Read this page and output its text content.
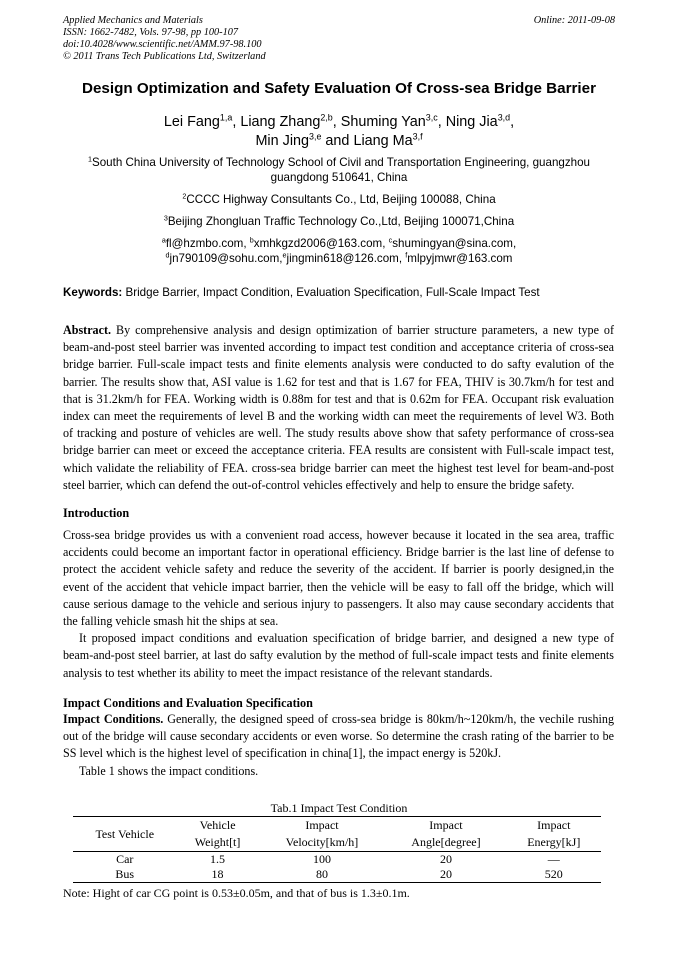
Applied Mechanics and Materials
ISSN: 1662-7482, Vols. 97-98, pp 100-107
doi:10.4028/www.scientific.net/AMM.97-98.100
© 2011 Trans Tech Publications Ltd, Switzerland
Online: 2011-09-08
Design Optimization and Safety Evaluation Of Cross-sea Bridge Barrier
Lei Fang$^{1,a}$, Liang Zhang$^{2,b}$, Shuming Yan$^{3,c}$, Ning Jia$^{3,d}$,
Min Jing$^{3,e}$ and Liang Ma$^{3,f}$
$^1$South China University of Technology School of Civil and Transportation Engineering, guangzhou guangdong 510641, China
$^2$CCCC Highway Consultants Co., Ltd, Beijing 100088, China
$^3$Beijing Zhongluan Traffic Technology Co.,Ltd, Beijing 100071,China
$^a$fl@hzmbo.com, $^b$xmhkgzd2006@163.com, $^c$shumingyan@sina.com,
$^d$jn790109@sohu.com,$^e$jingmin618@126.com, $^f$mlpyjmwr@163.com
Keywords: Bridge Barrier, Impact Condition, Evaluation Specification, Full-Scale Impact Test

Abstract. By comprehensive analysis and design optimization of barrier structure parameters, a new type of beam-and-post steel barrier was invented according to impact test condition and acceptance criteria of cross-sea bridge barrier. Full-scale impact tests and finite elements analysis were conducted to do safty evalution of the barrier. The results show that, ASI value is 1.62 for test and that is 1.67 for FEA, THIV is 30.7km/h for test and that is 31.2km/h for FEA. Working width is 0.88m for test and that is 0.62m for FEA. Occupant risk evaluation index can meet the requirements of level B and the working width can meet the requirements of level W3. Both of tracking and posture of vehicles are well. The study results above show that safety performance of cross-sea bridge barrier can meet or exceed the acceptance criteria. FEA results are consistent with Full-scale impact test, which validate the reliability of FEA. cross-sea bridge barrier can meet the highest test level for beam-and-post steel barrier, which can defend the out-of-control vehicles effectively and help to ensure the bridge safety.

Introduction

Cross-sea bridge provides us with a convenient road access, however because it located in the sea area, traffic accidents could become an important factor in operational efficiency. Bridge barrier is the last line of defense to protect the accident vehicle safety and reduce the severity of the accident. If barrier is poorly designed,in the event of the accident that vehicle impact barrier, then the vehicle will be easy to fall off the bridge, which will cause serious damage to the vehicle and serious injury to passengers. It also may cause secondary accidents that the falling vehicle smash hit the ships at sea.

It proposed impact conditions and evaluation specification of bridge barrier, and designed a new type of beam-and-post steel barrier, at last do safty evalution by the method of full-scale impact tests and finite elements analysis to test whether its ability to meet the impact resistance of the relevant standards.

Impact Conditions and Evaluation Specification

Impact Conditions. Generally, the designed speed of cross-sea bridge is 80km/h~120km/h, the vechile rushing out of the bridge will cause secondary accidents or even worse. So determine the crash rating of the barrier to be SS level which is the highest level of specification in china[1], the impact energy is 520kJ.

Table 1 shows the impact conditions.

Tab.1 Impact Test Condition
Test Vehicle	Vehicle	Impact	Impact	Impact
	Weight[t]	Velocity[km/h]	Angle[degree]	Energy[kJ]
Car	1.5	100	20	—
Bus	18	80	20	520
Note: Hight of car CG point is 0.53±0.05m, and that of bus is 1.3±0.1m.
